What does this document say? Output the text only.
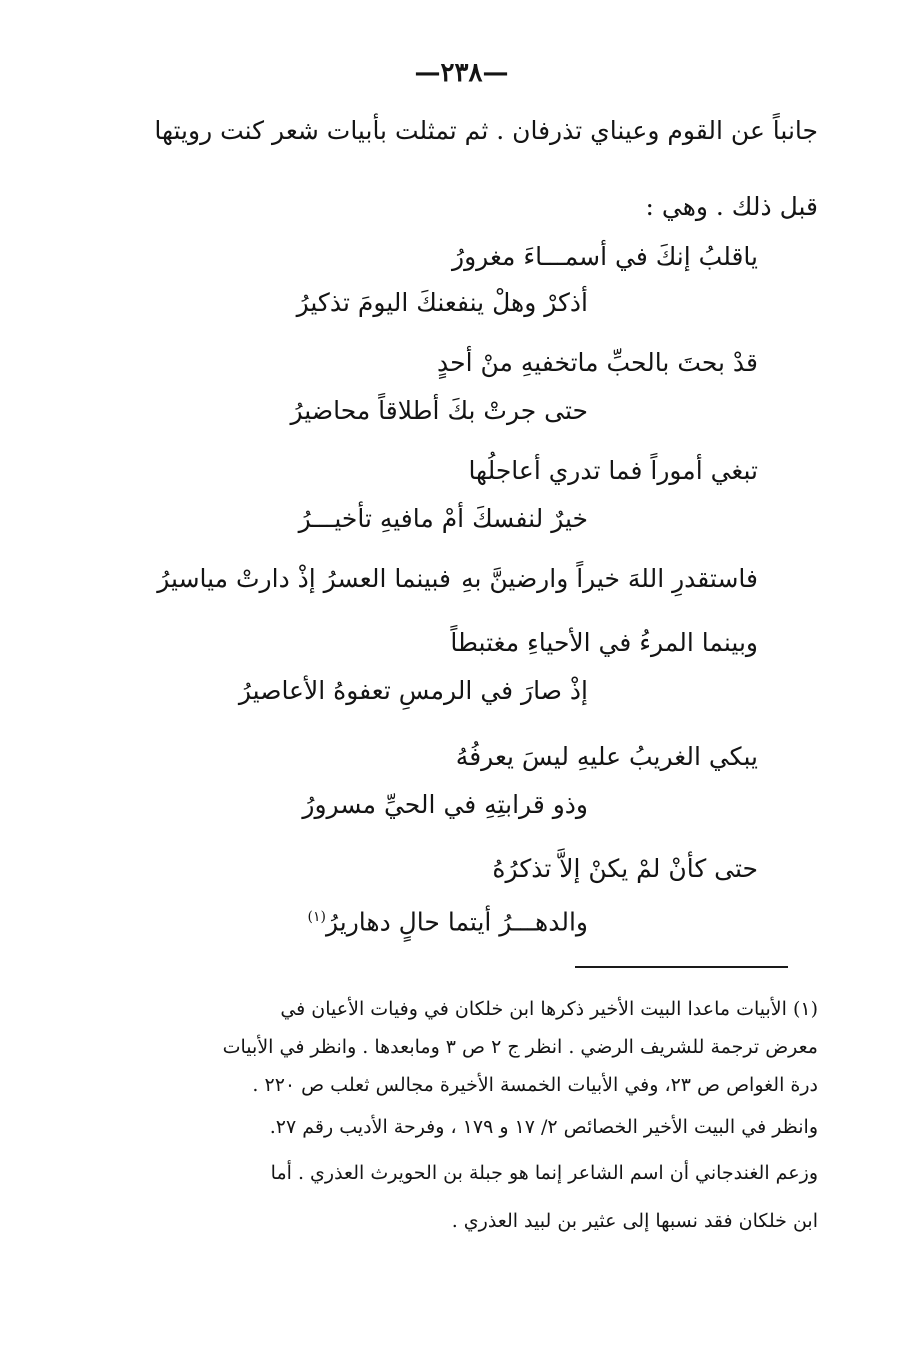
—٢٣٨—
جانباً عن القوم وعيناي تذرفان . ثم تمثلت بأبيات شعر كنت رويتها
قبل ذلك . وهي :
ياقلبُ إنكَ في أسمـــاءَ مغرورُ
أذكرْ وهلْ ينفعنكَ اليومَ تذكيرُ
قدْ بحتَ بالحبِّ ماتخفيهِ منْ أحدٍ
حتى جرتْ بكَ أطلاقاً محاضيرُ
تبغي أموراً فما تدري أعاجلُها
خيرٌ لنفسكَ أمْ مافيهِ تأخيـــرُ
فاستقدرِ اللهَ خيراً وارضينَّ بهِ
فبينما العسرُ إذْ دارتْ مياسيرُ
وبينما المرءُ في الأحياءِ مغتبطاً
إذْ صارَ في الرمسِ تعفوهُ الأعاصيرُ
يبكي الغريبُ عليهِ ليسَ يعرفُهُ
وذو قرابتِهِ في الحيِّ مسرورُ
حتى كأنْ لمْ يكنْ إلاَّ تذكرُهُ
والدهـــرُ أيتما حالٍ دهاريرُ$^{(١)}$
(١) الأبيات ماعدا البيت الأخير ذكرها ابن خلكان في وفيات الأعيان في
معرض ترجمة للشريف الرضي . انظر ج ٢ ص ٣ ومابعدها . وانظر في الأبيات
درة الغواص ص ٢٣، وفي الأبيات الخمسة الأخيرة مجالس ثعلب ص ٢٢٠ .
وانظر في البيت الأخير الخصائص ٢/ ١٧ و ١٧٩ ، وفرحة الأديب رقم ٢٧.
وزعم الغندجاني أن اسم الشاعر إنما هو جبلة بن الحويرث العذري . أما
ابن خلكان فقد نسبها إلى عثير بن لبيد العذري .
